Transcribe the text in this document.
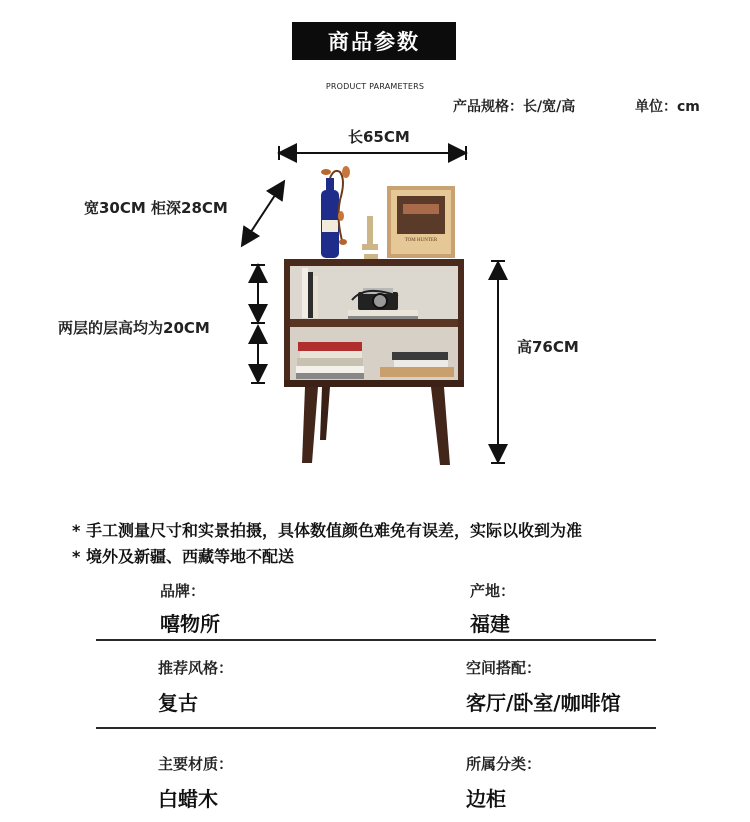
商品参数
PRODUCT PARAMETERS
产品规格：长/宽/高	单位：cm
长65CM
宽30CM 柜深28CM
两层的层高均为20CM
高76CM
TOM HUNTER
* 手工测量尺寸和实景拍摄，具体数值颜色难免有误差，实际以收到为准
* 境外及新疆、西藏等地不配送
品牌：
嘻物所
产地：
福建
推荐风格：
复古
空间搭配：
客厅/卧室/咖啡馆
主要材质：
白蜡木
所属分类：
边柜
